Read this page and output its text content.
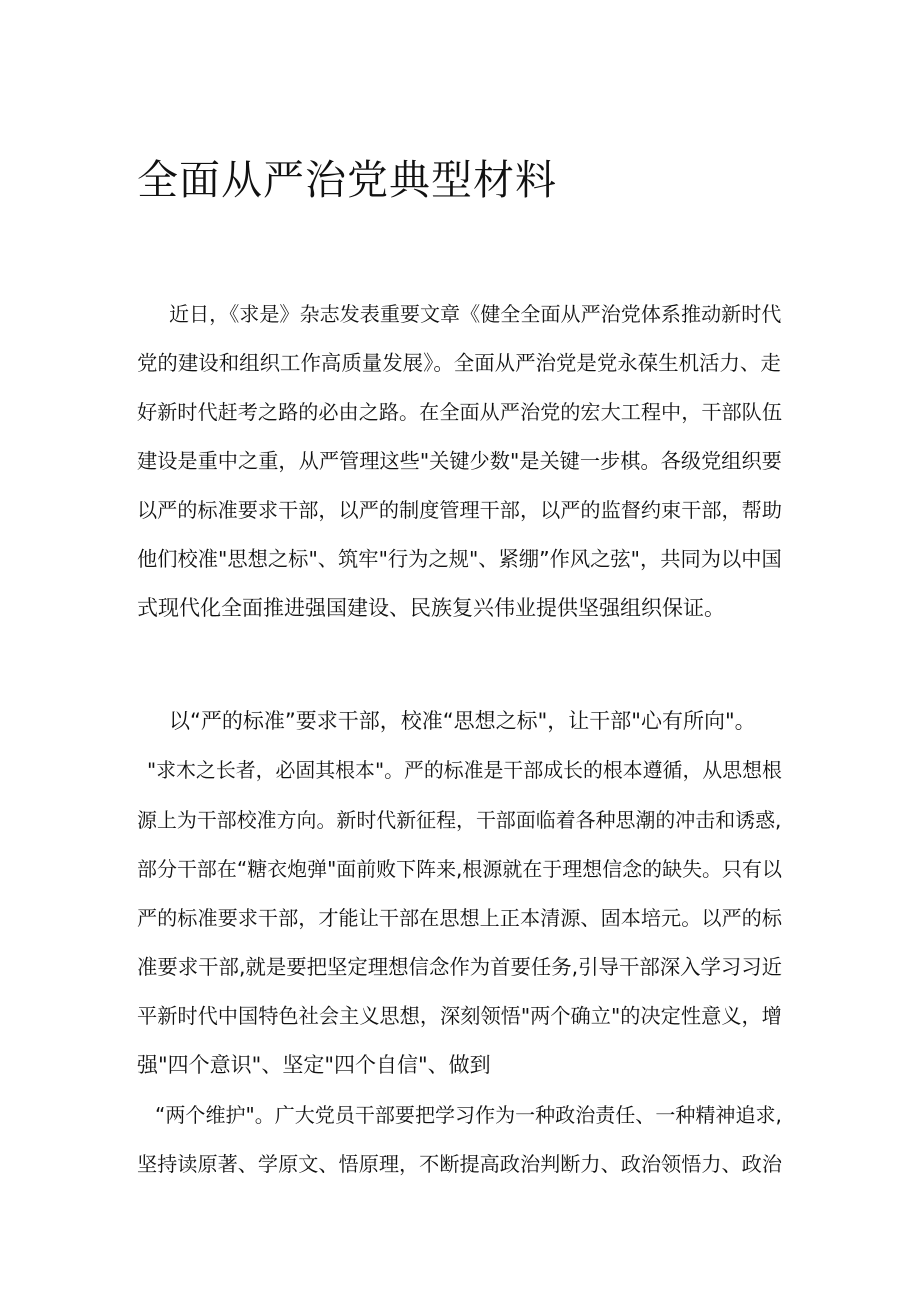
全面从严治党典型材料

近日，《求是》杂志发表重要文章《健全全面从严治党体系推动新时代

党的建设和组织工作高质量发展》。全面从严治党是党永葆生机活力、走

好新时代赶考之路的必由之路。在全面从严治党的宏大工程中，干部队伍

建设是重中之重，从严管理这些"关键少数"是关键一步棋。各级党组织要

以严的标准要求干部，以严的制度管理干部，以严的监督约束干部，帮助

他们校准"思想之标"、筑牢"行为之规"、紧绷”作风之弦"，共同为以中国

式现代化全面推进强国建设、民族复兴伟业提供坚强组织保证。

以“严的标准”要求干部，校准“思想之标"，让干部"心有所向"。

"求木之长者，必固其根本"。严的标准是干部成长的根本遵循，从思想根

源上为干部校准方向。新时代新征程，干部面临着各种思潮的冲击和诱惑,

部分干部在“糖衣炮弹"面前败下阵来,根源就在于理想信念的缺失。只有以

严的标准要求干部，才能让干部在思想上正本清源、固本培元。以严的标

准要求干部,就是要把坚定理想信念作为首要任务,引导干部深入学习习近

平新时代中国特色社会主义思想，深刻领悟"两个确立"的决定性意义，增

强"四个意识"、坚定"四个自信"、做到

“两个维护"。广大党员干部要把学习作为一种政治责任、一种精神追求,

坚持读原著、学原文、悟原理，不断提高政治判断力、政治领悟力、政治
